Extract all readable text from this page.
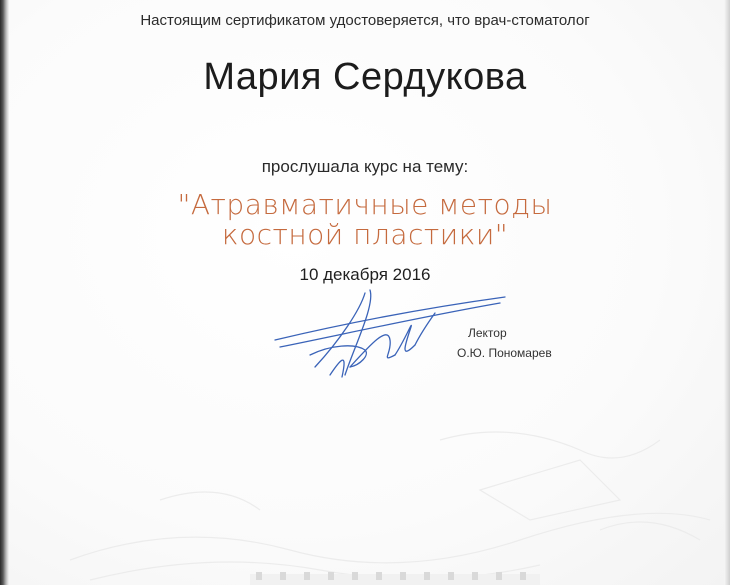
Настоящим сертификатом удостоверяется, что врач-стоматолог
Мария Сердукова
прослушала курс на тему:
"Атравматичные методы
костной пластики"
10 декабря 2016
Лектор
О.Ю. Пономарев
